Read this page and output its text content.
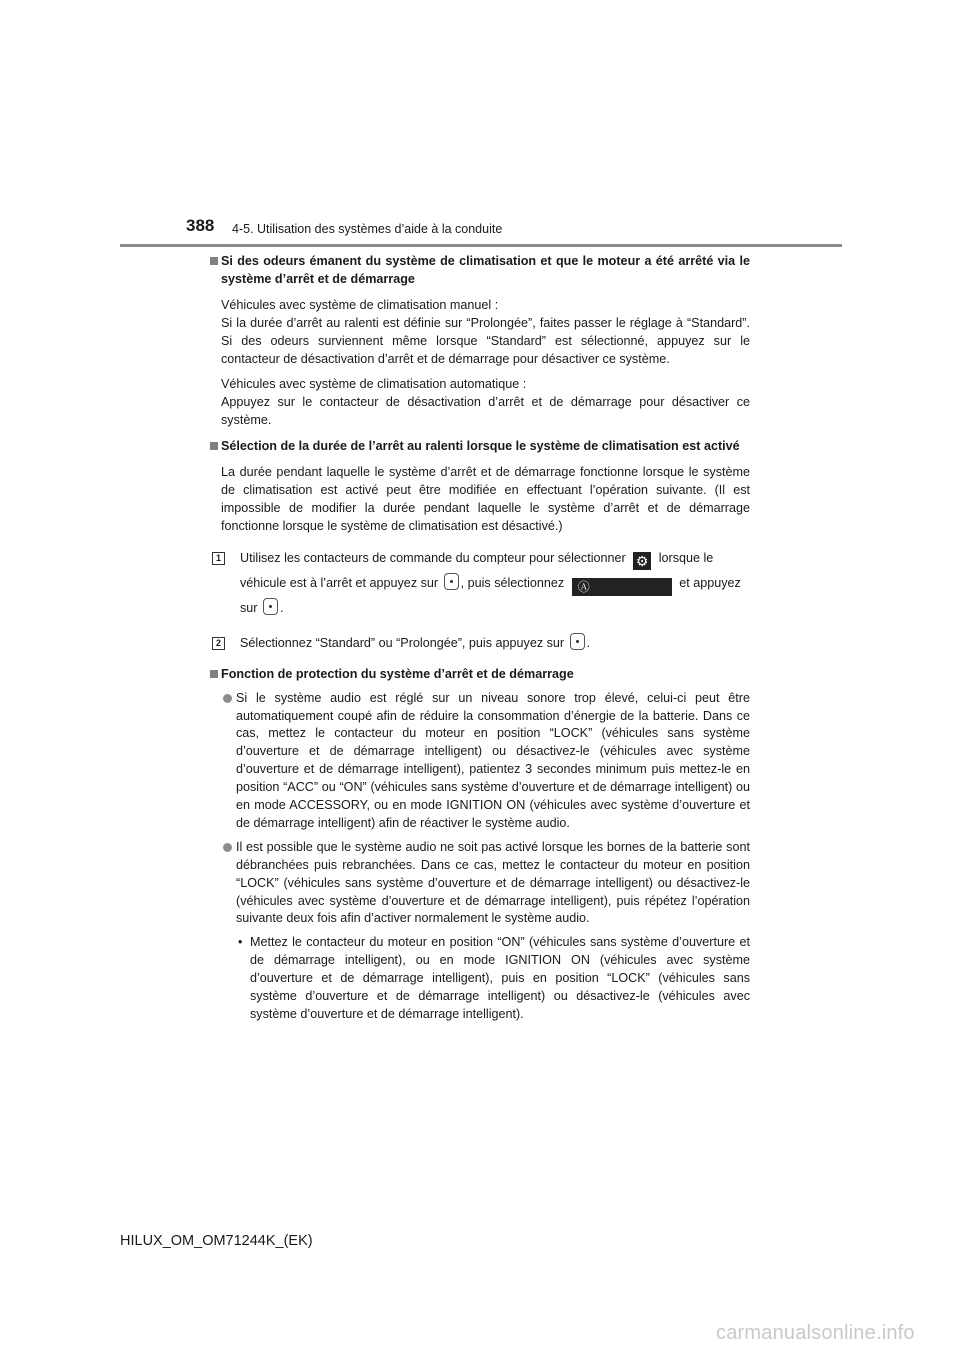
388 4-5. Utilisation des systèmes d’aide à la conduite
Si des odeurs émanent du système de climatisation et que le moteur a été arrêté via le système d’arrêt et de démarrage
Véhicules avec système de climatisation manuel :
Si la durée d’arrêt au ralenti est définie sur “Prolongée”, faites passer le réglage à “Standard”. Si des odeurs surviennent même lorsque “Standard” est sélectionné, appuyez sur le contacteur de désactivation d’arrêt et de démarrage pour désactiver ce système.
Véhicules avec système de climatisation automatique :
Appuyez sur le contacteur de désactivation d’arrêt et de démarrage pour désactiver ce système.
Sélection de la durée de l’arrêt au ralenti lorsque le système de climatisation est activé
La durée pendant laquelle le système d’arrêt et de démarrage fonctionne lorsque le système de climatisation est activé peut être modifiée en effectuant l’opération suivante. (Il est impossible de modifier la durée pendant laquelle le système d’arrêt et de démarrage fonctionne lorsque le système de climatisation est désactivé.)
1	Utilisez les contacteurs de commande du compteur pour sélectionner ⚙ lorsque le véhicule est à l’arrêt et appuyez sur , puis sélectionnez Ⓐ	et appuyez sur .
2	Sélectionnez “Standard” ou “Prolongée”, puis appuyez sur .
Fonction de protection du système d’arrêt et de démarrage
Si le système audio est réglé sur un niveau sonore trop élevé, celui-ci peut être automatiquement coupé afin de réduire la consommation d’énergie de la batterie. Dans ce cas, mettez le contacteur du moteur en position “LOCK” (véhicules sans système d’ouverture et de démarrage intelligent) ou désactivez-le (véhicules avec système d’ouverture et de démarrage intelligent), patientez 3 secondes minimum puis mettez-le en position “ACC” ou “ON” (véhicules sans système d’ouverture et de démarrage intelligent) ou en mode ACCESSORY, ou en mode IGNITION ON (véhicules avec système d’ouverture et de démarrage intelligent) afin de réactiver le système audio.
Il est possible que le système audio ne soit pas activé lorsque les bornes de la batterie sont débranchées puis rebranchées. Dans ce cas, mettez le contacteur du moteur en position “LOCK” (véhicules sans système d’ouverture et de démarrage intelligent) ou désactivez-le (véhicules avec système d’ouverture et de démarrage intelligent), puis répétez l’opération suivante deux fois afin d’activer normalement le système audio.
• Mettez le contacteur du moteur en position “ON” (véhicules sans système d’ouverture et de démarrage intelligent), ou en mode IGNITION ON (véhicules avec système d’ouverture et de démarrage intelligent), puis en position “LOCK” (véhicules sans système d’ouverture et de démarrage intelligent) ou désactivez-le (véhicules avec système d’ouverture et de démarrage intelligent).
HILUX_OM_OM71244K_(EK)
carmanualsonline.info
